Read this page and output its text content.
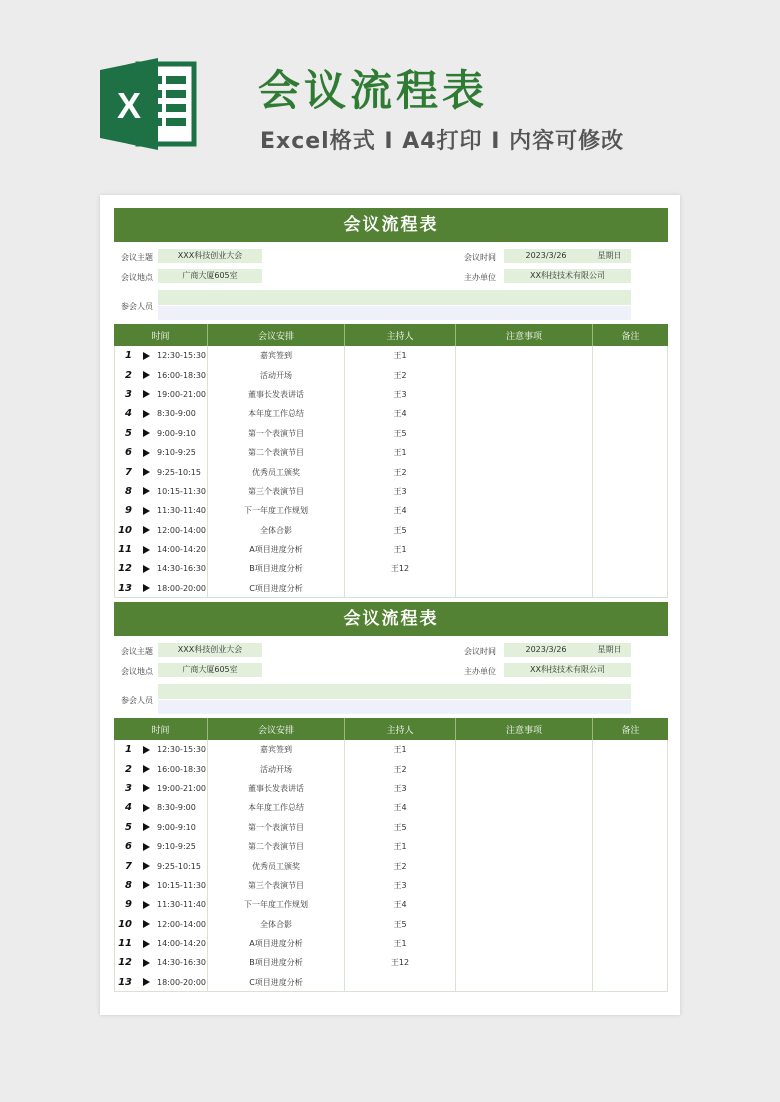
X	会议流程表
Excel格式 I A4打印 I 内容可修改
会议流程表
会议主题	XXX科技创业大会	会议时间	2023/3/26	星期日
会议地点	广商大厦605室	主办单位	XX科技技术有限公司
参会人员
时间	会议安排	主持人	注意事项	备注
1	12:30-15:30	嘉宾签到	王1
2	16:00-18:30	活动开场	王2
3	19:00-21:00	董事长发表讲话	王3
4	8:30-9:00	本年度工作总结	王4
5	9:00-9:10	第一个表演节目	王5
6	9:10-9:25	第二个表演节目	王1
7	9:25-10:15	优秀员工颁奖	王2
8	10:15-11:30	第三个表演节目	王3
9	11:30-11:40	下一年度工作规划	王4
10	12:00-14:00	全体合影	王5
11	14:00-14:20	A项目进度分析	王1
12	14:30-16:30	B项目进度分析	王12
13	18:00-20:00	C项目进度分析
会议流程表
会议主题	XXX科技创业大会	会议时间	2023/3/26	星期日
会议地点	广商大厦605室	主办单位	XX科技技术有限公司
参会人员
时间	会议安排	主持人	注意事项	备注
1	12:30-15:30	嘉宾签到	王1
2	16:00-18:30	活动开场	王2
3	19:00-21:00	董事长发表讲话	王3
4	8:30-9:00	本年度工作总结	王4
5	9:00-9:10	第一个表演节目	王5
6	9:10-9:25	第二个表演节目	王1
7	9:25-10:15	优秀员工颁奖	王2
8	10:15-11:30	第三个表演节目	王3
9	11:30-11:40	下一年度工作规划	王4
10	12:00-14:00	全体合影	王5
11	14:00-14:20	A项目进度分析	王1
12	14:30-16:30	B项目进度分析	王12
13	18:00-20:00	C项目进度分析
